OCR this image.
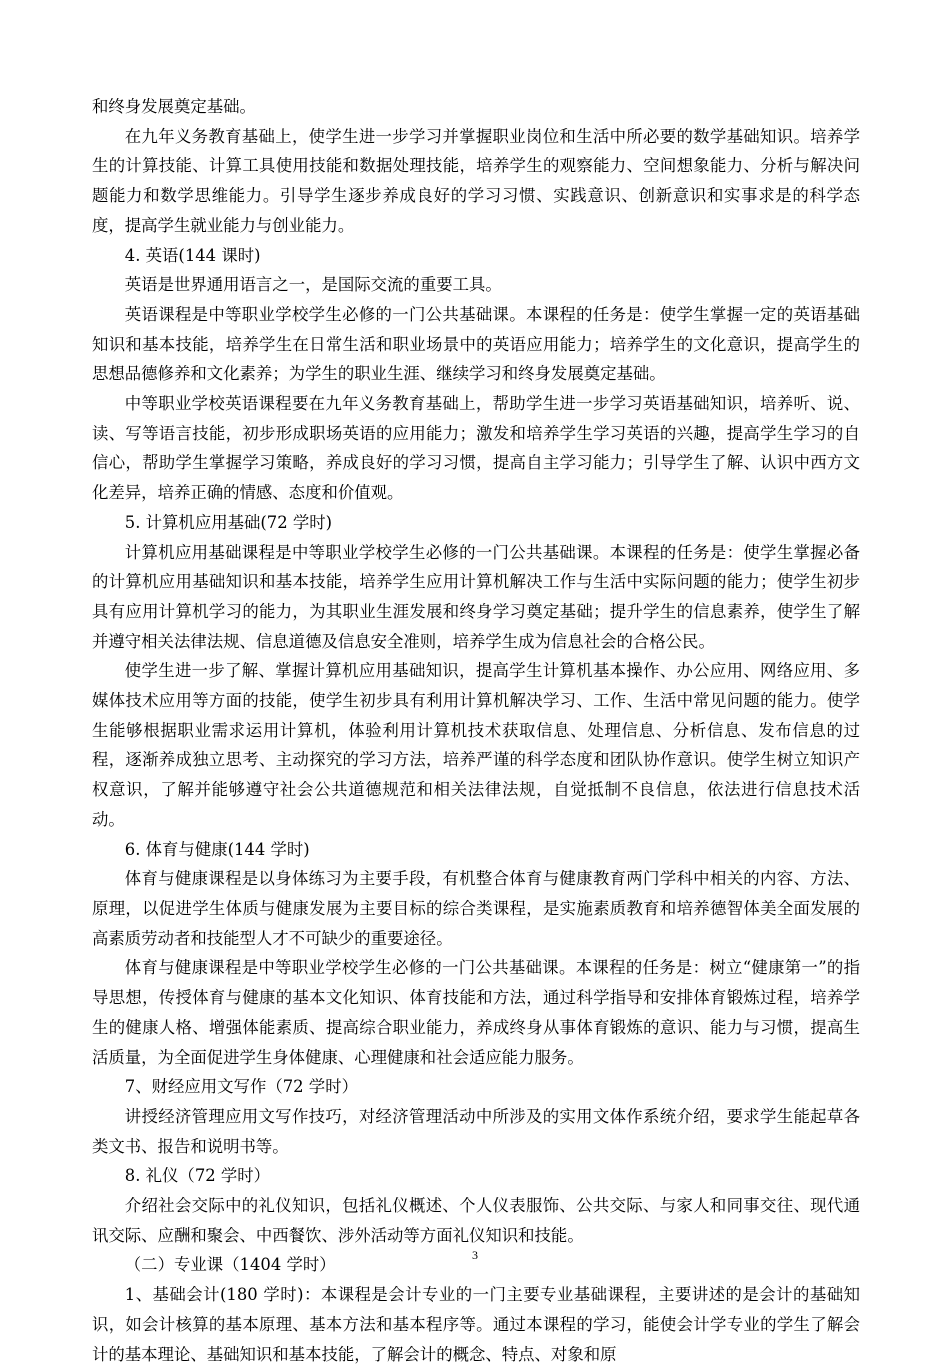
和终身发展奠定基础。

在九年义务教育基础上，使学生进一步学习并掌握职业岗位和生活中所必要的数学基础知识。培养学生的计算技能、计算工具使用技能和数据处理技能，培养学生的观察能力、空间想象能力、分析与解决问题能力和数学思维能力。引导学生逐步养成良好的学习习惯、实践意识、创新意识和实事求是的科学态度，提高学生就业能力与创业能力。

4. 英语(144 课时)

英语是世界通用语言之一，是国际交流的重要工具。

英语课程是中等职业学校学生必修的一门公共基础课。本课程的任务是：使学生掌握一定的英语基础知识和基本技能，培养学生在日常生活和职业场景中的英语应用能力；培养学生的文化意识，提高学生的思想品德修养和文化素养；为学生的职业生涯、继续学习和终身发展奠定基础。

中等职业学校英语课程要在九年义务教育基础上，帮助学生进一步学习英语基础知识，培养听、说、读、写等语言技能，初步形成职场英语的应用能力；激发和培养学生学习英语的兴趣，提高学生学习的自信心，帮助学生掌握学习策略，养成良好的学习习惯，提高自主学习能力；引导学生了解、认识中西方文化差异，培养正确的情感、态度和价值观。

5. 计算机应用基础(72 学时)

计算机应用基础课程是中等职业学校学生必修的一门公共基础课。本课程的任务是：使学生掌握必备的计算机应用基础知识和基本技能，培养学生应用计算机解决工作与生活中实际问题的能力；使学生初步具有应用计算机学习的能力，为其职业生涯发展和终身学习奠定基础；提升学生的信息素养，使学生了解并遵守相关法律法规、信息道德及信息安全准则，培养学生成为信息社会的合格公民。

使学生进一步了解、掌握计算机应用基础知识，提高学生计算机基本操作、办公应用、网络应用、多媒体技术应用等方面的技能，使学生初步具有利用计算机解决学习、工作、生活中常见问题的能力。使学生能够根据职业需求运用计算机，体验利用计算机技术获取信息、处理信息、分析信息、发布信息的过程，逐渐养成独立思考、主动探究的学习方法，培养严谨的科学态度和团队协作意识。使学生树立知识产权意识，了解并能够遵守社会公共道德规范和相关法律法规，自觉抵制不良信息，依法进行信息技术活动。

6. 体育与健康(144 学时)

体育与健康课程是以身体练习为主要手段，有机整合体育与健康教育两门学科中相关的内容、方法、原理，以促进学生体质与健康发展为主要目标的综合类课程，是实施素质教育和培养德智体美全面发展的高素质劳动者和技能型人才不可缺少的重要途径。

体育与健康课程是中等职业学校学生必修的一门公共基础课。本课程的任务是：树立“健康第一”的指导思想，传授体育与健康的基本文化知识、体育技能和方法，通过科学指导和安排体育锻炼过程，培养学生的健康人格、增强体能素质、提高综合职业能力，养成终身从事体育锻炼的意识、能力与习惯，提高生活质量，为全面促进学生身体健康、心理健康和社会适应能力服务。

7、财经应用文写作（72 学时）

讲授经济管理应用文写作技巧，对经济管理活动中所涉及的实用文体作系统介绍，要求学生能起草各类文书、报告和说明书等。

8. 礼仪（72 学时）

介绍社会交际中的礼仪知识，包括礼仪概述、个人仪表服饰、公共交际、与家人和同事交往、现代通讯交际、应酬和聚会、中西餐饮、涉外活动等方面礼仪知识和技能。

（二）专业课（1404 学时）

1、基础会计(180 学时)：本课程是会计专业的一门主要专业基础课程，主要讲述的是会计的基础知识，如会计核算的基本原理、基本方法和基本程序等。通过本课程的学习，能使会计学专业的学生了解会计的基本理论、基础知识和基本技能，了解会计的概念、特点、对象和原

3
